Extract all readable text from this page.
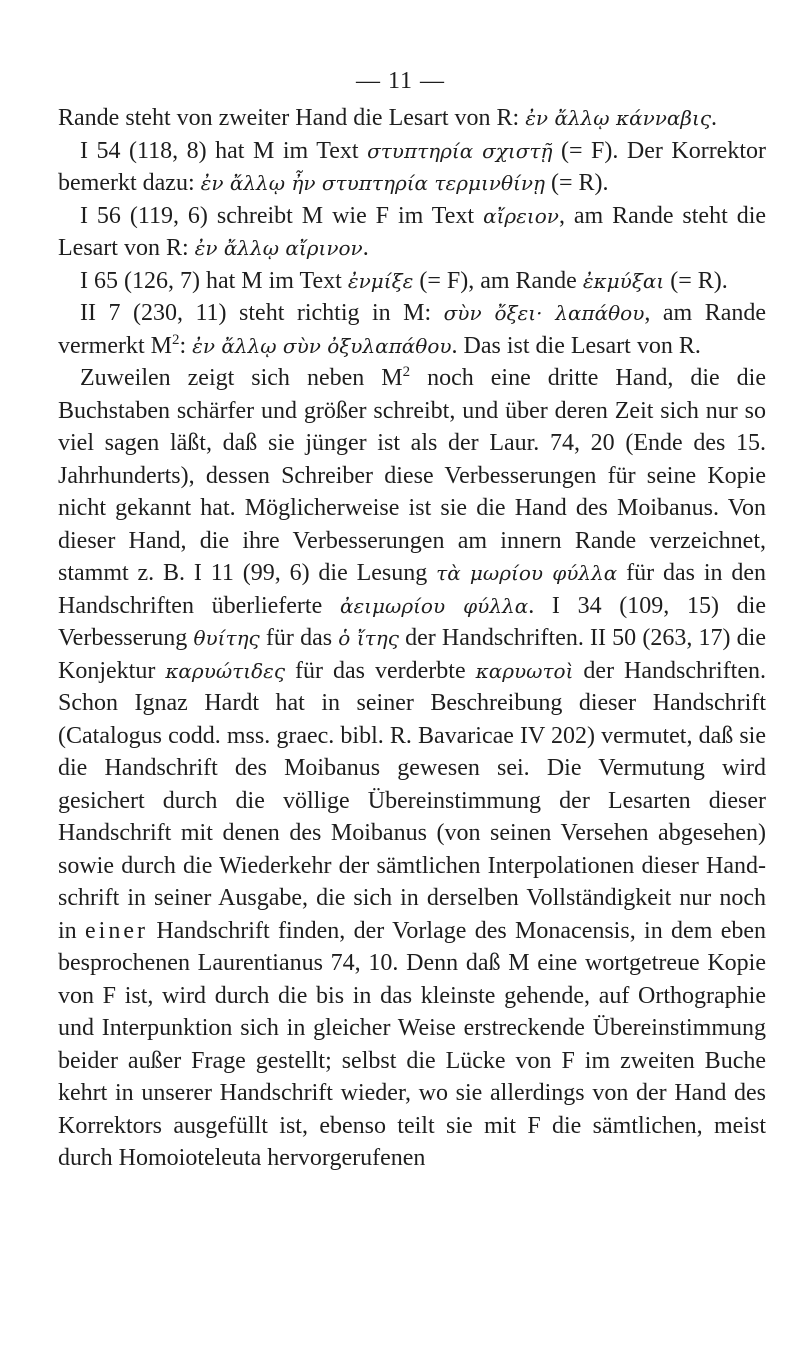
— 11 —

Rande steht von zweiter Hand die Lesart von R: ἐν ἄλλῳ κάνναβις.

I 54 (118, 8) hat M im Text στυπτηρία σχιστῇ (= F). Der Korrektor bemerkt dazu: ἐν ἄλλῳ ἦν στυπτηρία τερμινθίνῃ (= R).

I 56 (119, 6) schreibt M wie F im Text αἴρειον, am Rande steht die Lesart von R: ἐν ἄλλῳ αἴρινον.

I 65 (126, 7) hat M im Text ἐνμίξε (= F), am Rande ἐκμύξαι (= R).

II 7 (230, 11) steht richtig in M: σὺν ὄξει· λαπάθου, am Rande vermerkt $M^2$: ἐν ἄλλῳ σὺν ὀξυλαπάθου. Das ist die Lesart von R.

Zuweilen zeigt sich neben $M^2$ noch eine dritte Hand, die die Buchstaben schärfer und größer schreibt, und über deren Zeit sich nur so viel sagen läßt, daß sie jünger ist als der Laur. 74, 20 (Ende des 15. Jahrhunderts), dessen Schreiber diese Verbesserungen für seine Kopie nicht gekannt hat. Möglicherweise ist sie die Hand des Moibanus. Von dieser Hand, die ihre Verbesserungen am innern Rande verzeichnet, stammt z. B. I 11 (99, 6) die Lesung τὰ μωρίου φύλλα für das in den Handschriften überlieferte ἀειμωρίου φύλλα. I 34 (109, 15) die Verbesserung θυίτης für das ὁ ἴτης der Handschriften. II 50 (263, 17) die Konjektur καρυώτιδες für das verderbte καρυωτοὶ der Handschriften. Schon Ignaz Hardt hat in seiner Beschreibung dieser Handschrift (Catalogus codd. mss. graec. bibl. R. Bavaricae IV 202) vermutet, daß sie die Handschrift des Moibanus gewesen sei. Die Vermutung wird gesichert durch die völlige Übereinstimmung der Lesarten dieser Handschrift mit denen des Moibanus (von seinen Versehen abgesehen) sowie durch die Wiederkehr der sämtlichen Interpolationen dieser Handschrift in seiner Ausgabe, die sich in derselben Vollständigkeit nur noch in einer Handschrift finden, der Vorlage des Monacensis, in dem eben besprochenen Laurentianus 74, 10. Denn daß M eine wortgetreue Kopie von F ist, wird durch die bis in das kleinste gehende, auf Orthographie und Interpunktion sich in gleicher Weise erstreckende Übereinstimmung beider außer Frage gestellt; selbst die Lücke von F im zweiten Buche kehrt in unserer Handschrift wieder, wo sie allerdings von der Hand des Korrektors ausgefüllt ist, ebenso teilt sie mit F die sämtlichen, meist durch Homoioteleuta hervorgerufenen
